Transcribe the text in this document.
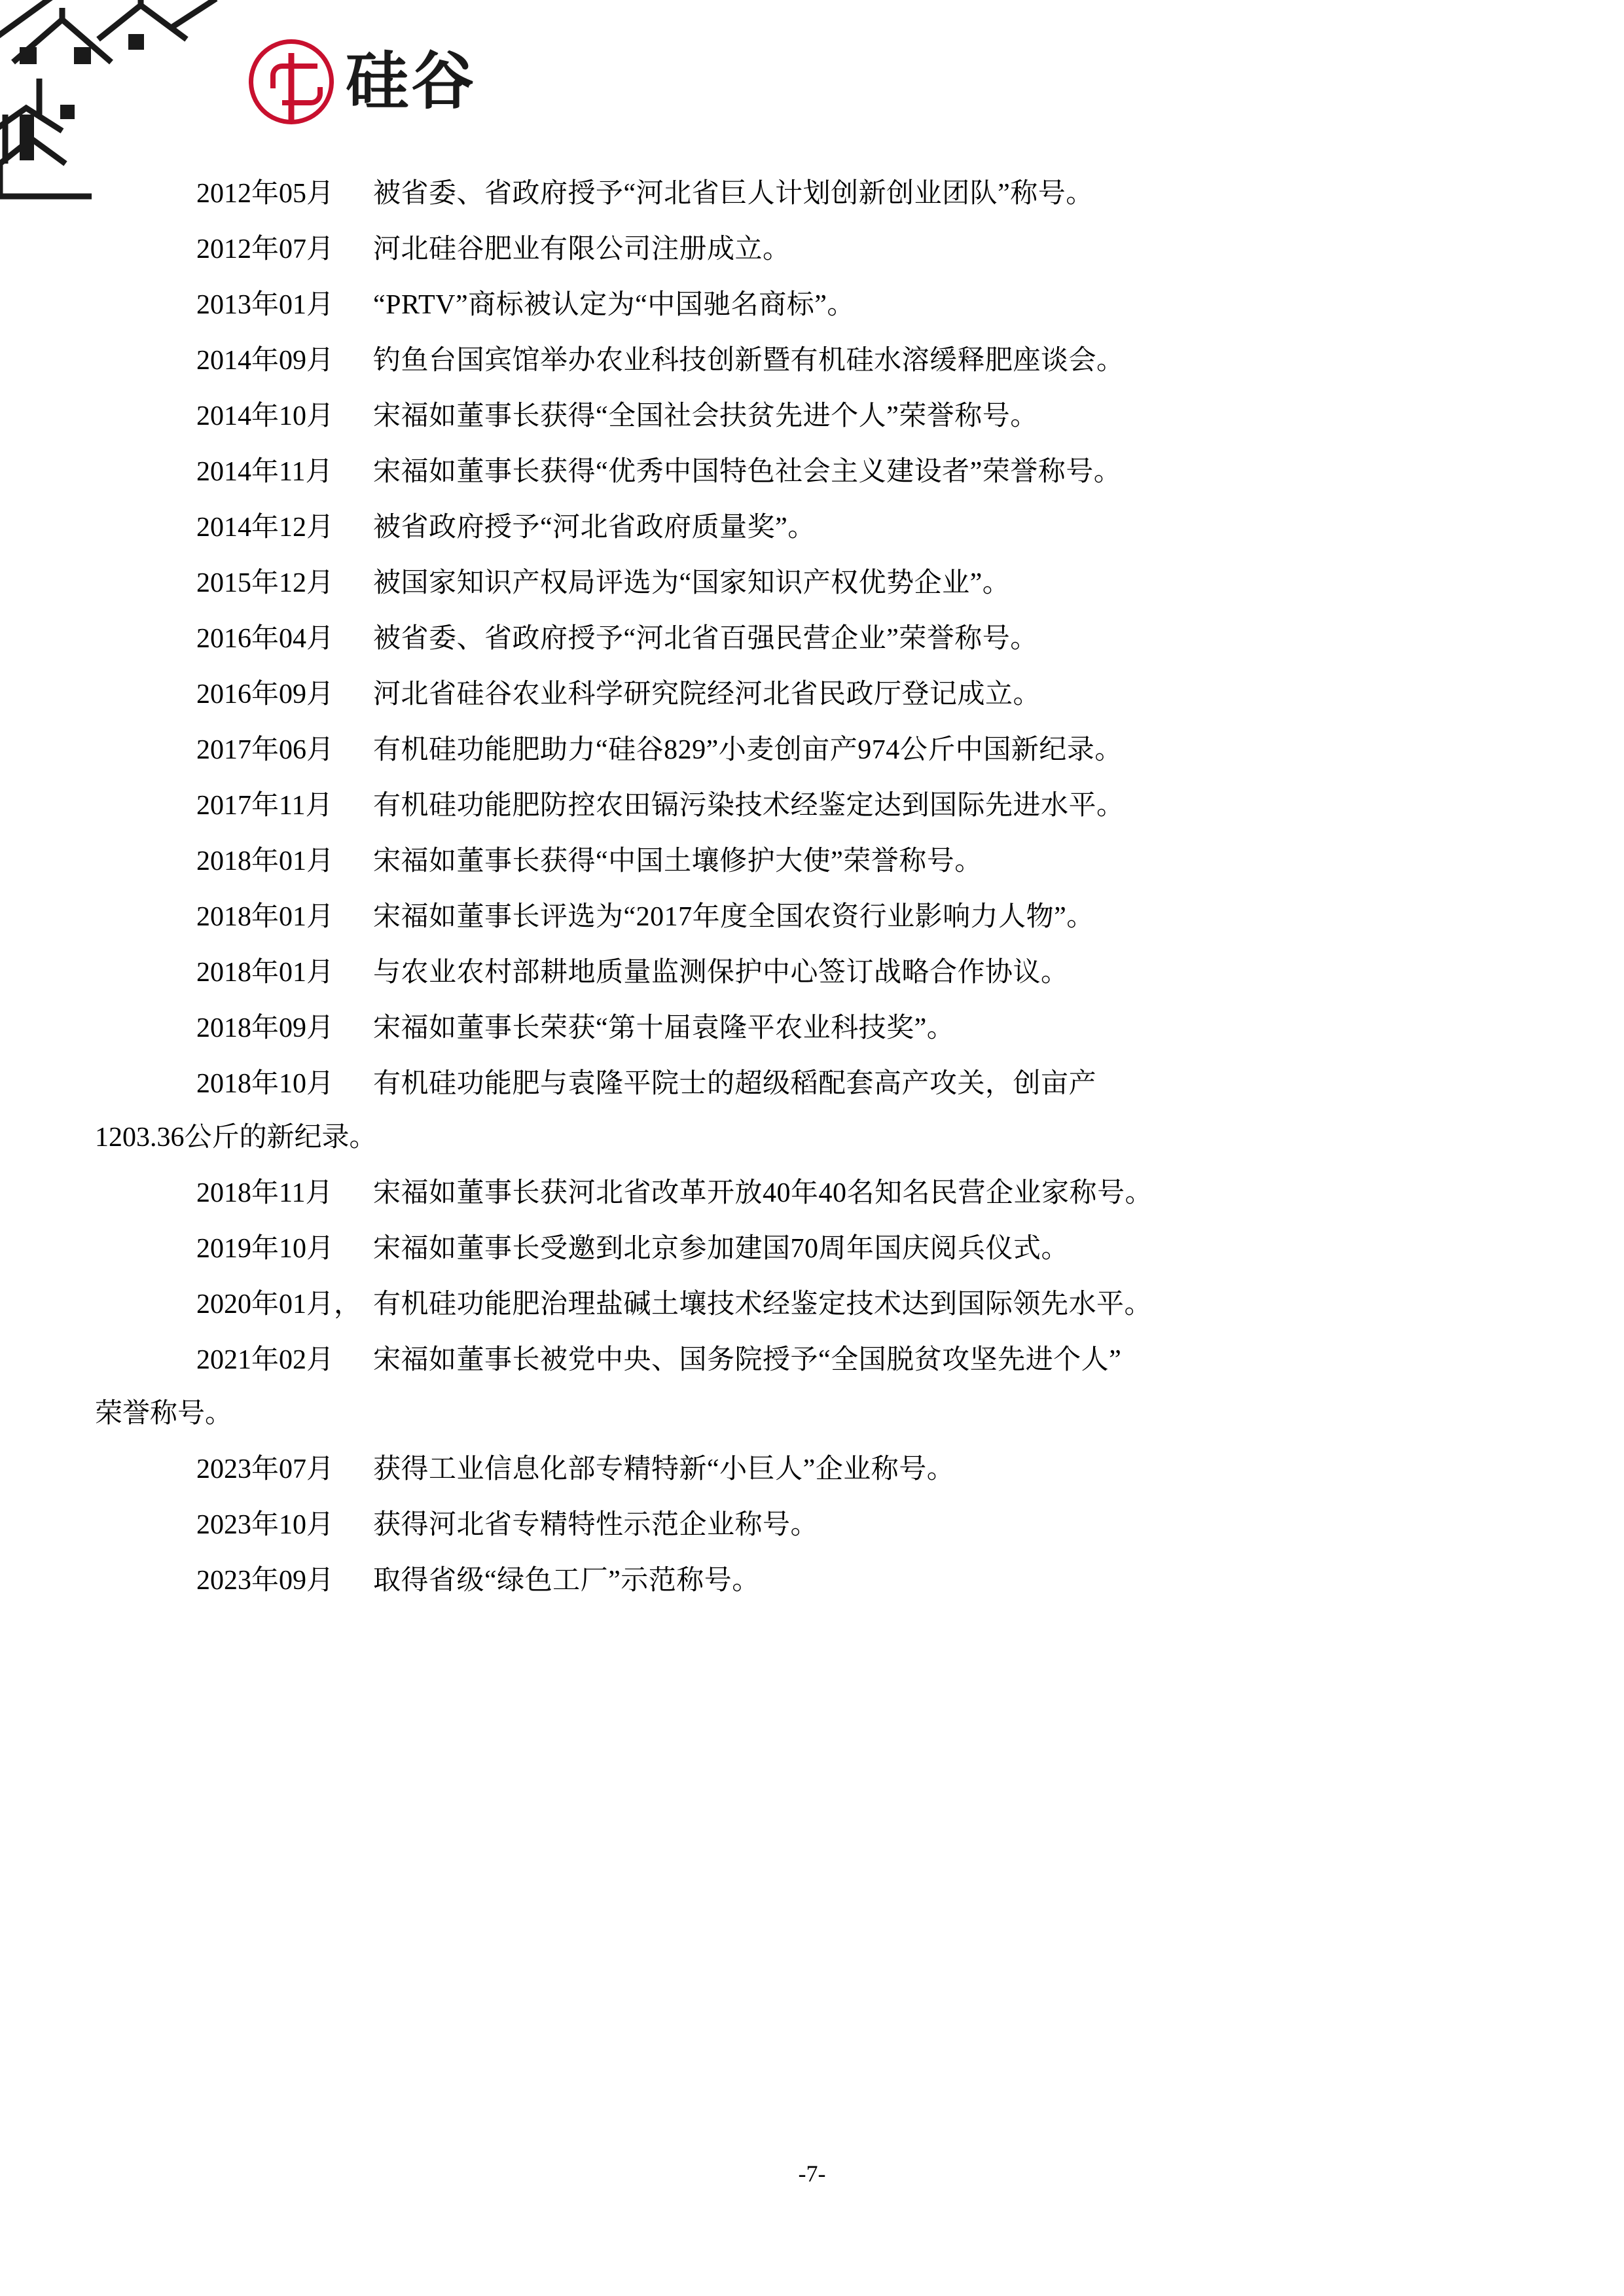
硅谷

2012年05月 被省委、省政府授予“河北省巨人计划创新创业团队”称号。

2012年07月 河北硅谷肥业有限公司注册成立。

2013年01月 “PRTV”商标被认定为“中国驰名商标”。

2014年09月 钓鱼台国宾馆举办农业科技创新暨有机硅水溶缓释肥座谈会。

2014年10月 宋福如董事长获得“全国社会扶贫先进个人”荣誉称号。

2014年11月 宋福如董事长获得“优秀中国特色社会主义建设者”荣誉称号。

2014年12月 被省政府授予“河北省政府质量奖”。

2015年12月 被国家知识产权局评选为“国家知识产权优势企业”。

2016年04月 被省委、省政府授予“河北省百强民营企业”荣誉称号。

2016年09月 河北省硅谷农业科学研究院经河北省民政厅登记成立。

2017年06月 有机硅功能肥助力“硅谷829”小麦创亩产974公斤中国新纪录。

2017年11月 有机硅功能肥防控农田镉污染技术经鉴定达到国际先进水平。

2018年01月 宋福如董事长获得“中国土壤修护大使”荣誉称号。

2018年01月 宋福如董事长评选为“2017年度全国农资行业影响力人物”。

2018年01月 与农业农村部耕地质量监测保护中心签订战略合作协议。

2018年09月 宋福如董事长荣获“第十届袁隆平农业科技奖”。

2018年10月 有机硅功能肥与袁隆平院士的超级稻配套高产攻关，创亩产
1203.36公斤的新纪录。

2018年11月 宋福如董事长获河北省改革开放40年40名知名民营企业家称号。

2019年10月 宋福如董事长受邀到北京参加建国70周年国庆阅兵仪式。

2020年01月， 有机硅功能肥治理盐碱土壤技术经鉴定技术达到国际领先水平。

2021年02月 宋福如董事长被党中央、国务院授予“全国脱贫攻坚先进个人”
荣誉称号。

2023年07月 获得工业信息化部专精特新“小巨人”企业称号。

2023年10月 获得河北省专精特性示范企业称号。

2023年09月 取得省级“绿色工厂”示范称号。

-7-
